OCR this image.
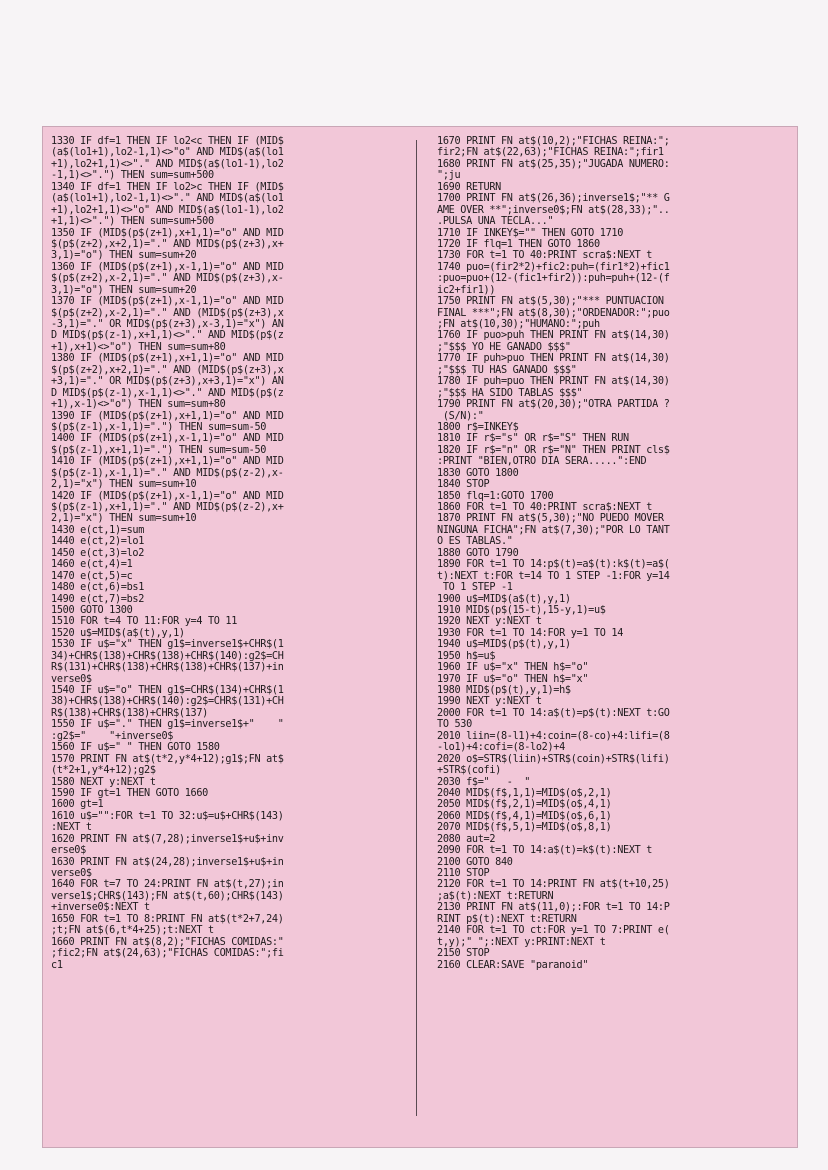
1330 IF df=1 THEN IF lo2<c THEN IF (MID$
(a$(lo1+1),lo2-1,1)<>"o" AND MID$(a$(lo1
+1),lo2+1,1)<>"." AND MID$(a$(lo1-1),lo2
-1,1)<>".") THEN sum=sum+500
1340 IF df=1 THEN IF lo2>c THEN IF (MID$
(a$(lo1+1),lo2-1,1)<>"." AND MID$(a$(lo1
+1),lo2+1,1)<>"o" AND MID$(a$(lo1-1),lo2
+1,1)<>".") THEN sum=sum+500
1350 IF (MID$(p$(z+1),x+1,1)="o" AND MID
$(p$(z+2),x+2,1)="." AND MID$(p$(z+3),x+
3,1)="o") THEN sum=sum+20
1360 IF (MID$(p$(z+1),x-1,1)="o" AND MID
$(p$(z+2),x-2,1)="." AND MID$(p$(z+3),x-
3,1)="o") THEN sum=sum+20
1370 IF (MID$(p$(z+1),x-1,1)="o" AND MID
$(p$(z+2),x-2,1)="." AND (MID$(p$(z+3),x
-3,1)="." OR MID$(p$(z+3),x-3,1)="x") AN
D MID$(p$(z-1),x+1,1)<>"." AND MID$(p$(z
+1),x+1)<>"o") THEN sum=sum+80
1380 IF (MID$(p$(z+1),x+1,1)="o" AND MID
$(p$(z+2),x+2,1)="." AND (MID$(p$(z+3),x
+3,1)="." OR MID$(p$(z+3),x+3,1)="x") AN
D MID$(p$(z-1),x-1,1)<>"." AND MID$(p$(z
+1),x-1)<>"o") THEN sum=sum+80
1390 IF (MID$(p$(z+1),x+1,1)="o" AND MID
$(p$(z-1),x-1,1)=".") THEN sum=sum-50
1400 IF (MID$(p$(z+1),x-1,1)="o" AND MID
$(p$(z-1),x+1,1)=".") THEN sum=sum-50
1410 IF (MID$(p$(z+1),x+1,1)="o" AND MID
$(p$(z-1),x-1,1)="." AND MID$(p$(z-2),x-
2,1)="x") THEN sum=sum+10
1420 IF (MID$(p$(z+1),x-1,1)="o" AND MID
$(p$(z-1),x+1,1)="." AND MID$(p$(z-2),x+
2,1)="x") THEN sum=sum+10
1430 e(ct,1)=sum
1440 e(ct,2)=lo1
1450 e(ct,3)=lo2
1460 e(ct,4)=1
1470 e(ct,5)=c
1480 e(ct,6)=bs1
1490 e(ct,7)=bs2
1500 GOTO 1300
1510 FOR t=4 TO 11:FOR y=4 TO 11
1520 u$=MID$(a$(t),y,1)
1530 IF u$="x" THEN g1$=inverse1$+CHR$(1
34)+CHR$(138)+CHR$(138)+CHR$(140):g2$=CH
R$(131)+CHR$(138)+CHR$(138)+CHR$(137)+in
verse0$
1540 IF u$="o" THEN g1$=CHR$(134)+CHR$(1
38)+CHR$(138)+CHR$(140):g2$=CHR$(131)+CH
R$(138)+CHR$(138)+CHR$(137)
1550 IF u$="." THEN g1$=inverse1$+"    "
:g2$="    "+inverse0$
1560 IF u$=" " THEN GOTO 1580
1570 PRINT FN at$(t*2,y*4+12);g1$;FN at$
(t*2+1,y*4+12);g2$
1580 NEXT y:NEXT t
1590 IF gt=1 THEN GOTO 1660
1600 gt=1
1610 u$="":FOR t=1 TO 32:u$=u$+CHR$(143)
:NEXT t
1620 PRINT FN at$(7,28);inverse1$+u$+inv
erse0$
1630 PRINT FN at$(24,28);inverse1$+u$+in
verse0$
1640 FOR t=7 TO 24:PRINT FN at$(t,27);in
verse1$;CHR$(143);FN at$(t,60);CHR$(143)
+inverse0$:NEXT t
1650 FOR t=1 TO 8:PRINT FN at$(t*2+7,24)
;t;FN at$(6,t*4+25);t:NEXT t
1660 PRINT FN at$(8,2);"FICHAS COMIDAS:"
;fic2;FN at$(24,63);"FICHAS COMIDAS:";fi
c1
1670 PRINT FN at$(10,2);"FICHAS REINA:";
fir2;FN at$(22,63);"FICHAS REINA:";fir1
1680 PRINT FN at$(25,35);"JUGADA NUMERO:
";ju
1690 RETURN
1700 PRINT FN at$(26,36);inverse1$;"** G
AME OVER **";inverse0$;FN at$(28,33);"..
.PULSA UNA TECLA..."
1710 IF INKEY$="" THEN GOTO 1710
1720 IF flq=1 THEN GOTO 1860
1730 FOR t=1 TO 40:PRINT scra$:NEXT t
1740 puo=(fir2*2)+fic2:puh=(fir1*2)+fic1
:puo=puo+(12-(fic1+fir2)):puh=puh+(12-(f
ic2+fir1))
1750 PRINT FN at$(5,30);"*** PUNTUACION
FINAL ***";FN at$(8,30);"ORDENADOR:";puo
;FN at$(10,30);"HUMANO:";puh
1760 IF puo>puh THEN PRINT FN at$(14,30)
;"$$$ YO HE GANADO $$$"
1770 IF puh>puo THEN PRINT FN at$(14,30)
;"$$$ TU HAS GANADO $$$"
1780 IF puh=puo THEN PRINT FN at$(14,30)
;"$$$ HA SIDO TABLAS $$$"
1790 PRINT FN at$(20,30);"OTRA PARTIDA ?
(S/N):"
1800 r$=INKEY$
1810 IF r$="s" OR r$="S" THEN RUN
1820 IF r$="n" OR r$="N" THEN PRINT cls$
:PRINT "BIEN,OTRO DIA SERA.....":END
1830 GOTO 1800
1840 STOP
1850 flq=1:GOTO 1700
1860 FOR t=1 TO 40:PRINT scra$:NEXT t
1870 PRINT FN at$(5,30);"NO PUEDO MOVER
NINGUNA FICHA";FN at$(7,30);"POR LO TANT
O ES TABLAS."
1880 GOTO 1790
1890 FOR t=1 TO 14:p$(t)=a$(t):k$(t)=a$(
t):NEXT t:FOR t=14 TO 1 STEP -1:FOR y=14
TO 1 STEP -1
1900 u$=MID$(a$(t),y,1)
1910 MID$(p$(15-t),15-y,1)=u$
1920 NEXT y:NEXT t
1930 FOR t=1 TO 14:FOR y=1 TO 14
1940 u$=MID$(p$(t),y,1)
1950 h$=u$
1960 IF u$="x" THEN h$="o"
1970 IF u$="o" THEN h$="x"
1980 MID$(p$(t),y,1)=h$
1990 NEXT y:NEXT t
2000 FOR t=1 TO 14:a$(t)=p$(t):NEXT t:GO
TO 530
2010 liin=(8-l1)+4:coin=(8-co)+4:lifi=(8
-lo1)+4:cofi=(8-lo2)+4
2020 o$=STR$(liin)+STR$(coin)+STR$(lifi)
+STR$(cofi)
2030 f$="   -  "
2040 MID$(f$,1,1)=MID$(o$,2,1)
2050 MID$(f$,2,1)=MID$(o$,4,1)
2060 MID$(f$,4,1)=MID$(o$,6,1)
2070 MID$(f$,5,1)=MID$(o$,8,1)
2080 aut=2
2090 FOR t=1 TO 14:a$(t)=k$(t):NEXT t
2100 GOTO 840
2110 STOP
2120 FOR t=1 TO 14:PRINT FN at$(t+10,25)
;a$(t):NEXT t:RETURN
2130 PRINT FN at$(11,0);:FOR t=1 TO 14:P
RINT p$(t):NEXT t:RETURN
2140 FOR t=1 TO ct:FOR y=1 TO 7:PRINT e(
t,y);" ";:NEXT y:PRINT:NEXT t
2150 STOP
2160 CLEAR:SAVE "paranoid"
